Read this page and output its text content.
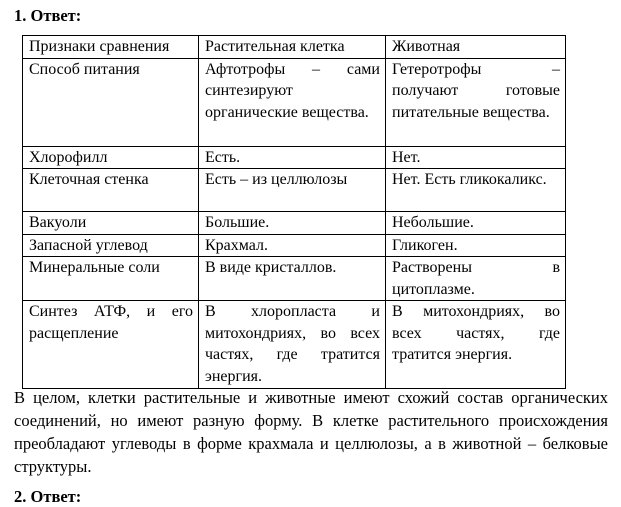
1. Ответ:
Признаки сравнения	Растительная клетка	Животная
Способ питания	Афтотрофы – сами синтезируют органические вещества.	Гетеротрофы – получают готовые питательные вещества.
Хлорофилл	Есть.	Нет.
Клеточная стенка	Есть – из целлюлозы	Нет. Есть гликокаликс.
Вакуоли	Большие.	Небольшие.
Запасной углевод	Крахмал.	Гликоген.
Минеральные соли	В виде кристаллов.	Растворены в цитоплазме.
Синтез АТФ, и его расщепление	В хлоропласта и митохондриях, во всех частях, где тратится энергия.	В митохондриях, во всех частях, где тратится энергия.
В целом, клетки растительные и животные имеют схожий состав органических соединений, но имеют разную форму. В клетке растительного происхождения преобладают углеводы в форме крахмала и целлюлозы, а в животной – белковые структуры.
2. Ответ:
